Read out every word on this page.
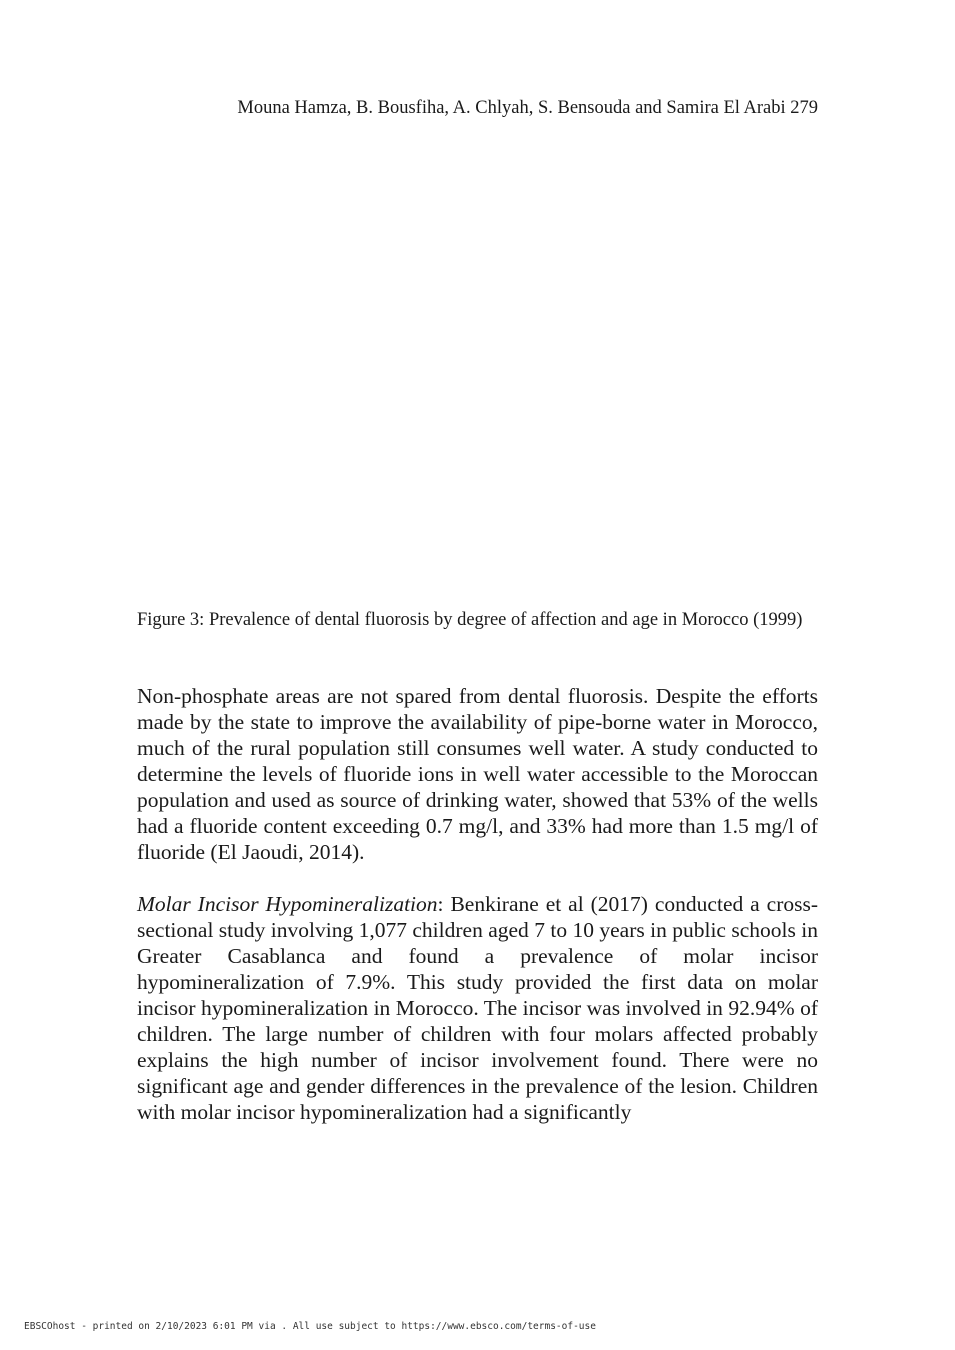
Mouna Hamza, B. Bousfiha, A. Chlyah, S. Bensouda and Samira El Arabi 279

Figure 3: Prevalence of dental fluorosis by degree of affection and age in Morocco (1999)

Non-phosphate areas are not spared from dental fluorosis. Despite the efforts made by the state to improve the availability of pipe-borne water in Morocco, much of the rural population still consumes well water. A study conducted to determine the levels of fluoride ions in well water accessible to the Moroccan population and used as source of drinking water, showed that 53% of the wells had a fluoride content exceeding 0.7 mg/l, and 33% had more than 1.5 mg/l of fluoride (El Jaoudi, 2014).

Molar Incisor Hypomineralization: Benkirane et al (2017) conducted a cross-sectional study involving 1,077 children aged 7 to 10 years in public schools in Greater Casablanca and found a prevalence of molar incisor hypomineralization of 7.9%. This study provided the first data on molar incisor hypomineralization in Morocco. The incisor was involved in 92.94% of children. The large number of children with four molars affected probably explains the high number of incisor involvement found. There were no significant age and gender differences in the prevalence of the lesion. Children with molar incisor hypomineralization had a significantly

EBSCOhost - printed on 2/10/2023 6:01 PM via . All use subject to https://www.ebsco.com/terms-of-use
